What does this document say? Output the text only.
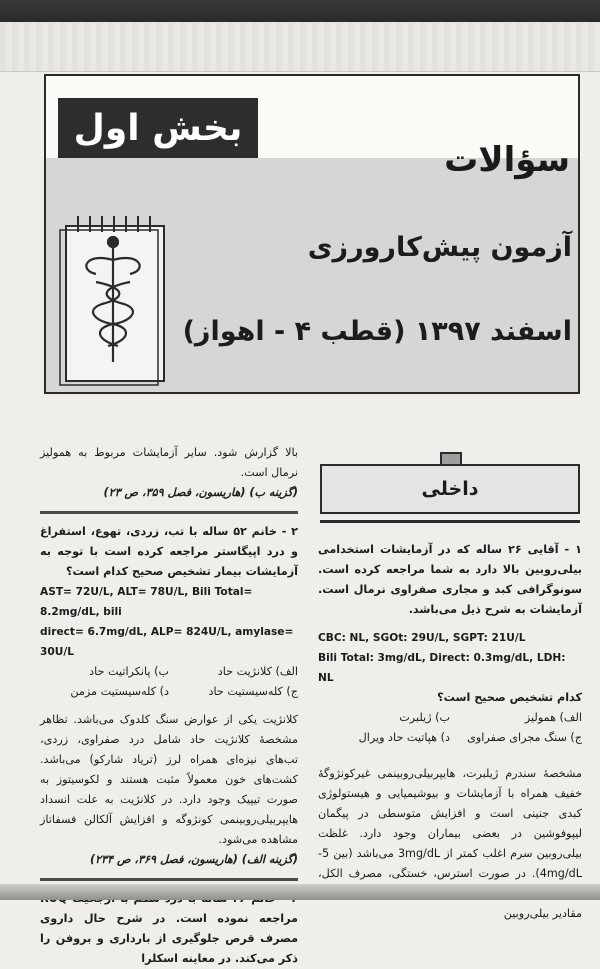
بخش اول
سؤالات
آزمون پیش‌کارورزی
اسفند ۱۳۹۷ (قطب ۴ - اهواز)
داخلی
بالا گزارش شود. سایر آزمایشات مربوط به همولیز نرمال است.
(گزینه ب) (هاریسون، فصل ۳۵۹، ص ۲۳)
۲ - خانم ۵۲ ساله با تب، زردی، تهوع، استفراغ و درد اپیگاستر مراجعه کرده است با توجه به آزمایشات بیمار تشخیص صحیح کدام است؟
AST= 72U/L, ALT= 78U/L, Bili Total= 8.2mg/dL, bili
direct= 6.7mg/dL, ALP= 824U/L, amylase= 30U/L
الف) کلانژیت حاد
ب) پانکراتیت حاد
ج) کله‌سیستیت حاد
د) کله‌سیستیت مزمن
کلانژیت یکی از عوارض سنگ کلدوک می‌باشد. تظاهر مشخصهٔ کلانژیت حاد شامل درد صفراوی، زردی، تب‌های نیزه‌ای همراه لرز (تریاد شارکو) می‌باشد. کشت‌های خون معمولاً مثبت هستند و لکوسیتوز به صورت تیپیک وجود دارد. در کلانژیت به علت انسداد هایپربیلی‌روبینمی کونژوگه و افزایش آلکالن فسفاتاز مشاهده می‌شود.
(گزینه الف) (هاریسون، فصل ۳۶۹، ص ۲۳۴)
مراجعه نموده است. در شرح حال داروی مصرف قرص جلوگیری از بارداری و بروفن را ذکر می‌کند. در معاینه اسکلرا
۱ - آقایی ۲۶ ساله که در آزمایشات استخدامی بیلی‌روبین بالا دارد به شما مراجعه کرده است. سونوگرافی کبد و مجاری صفراوی نرمال است. آزمایشات به شرح ذیل می‌باشد.
CBC: NL, SGOt: 29U/L, SGPT: 21U/L
Bili Total: 3mg/dL, Direct: 0.3mg/dL, LDH: NL
کدام تشخیص صحیح است؟
الف) همولیز
ب) ژیلبرت
ج) سنگ مجرای صفراوی
د) هپاتیت حاد ویرال
مشخصهٔ سندرم ژیلبرت، هایپربیلی‌روبینمی غیرکونژوگهٔ خفیف همراه با آزمایشات و بیوشیمیایی و هیستولوژی کبدی جنینی است و افزایش متوسطی در پیگمان لیپوفوشین در بعضی بیماران وجود دارد. غلظت بیلی‌روبین سرم اغلب کمتر از 3mg/dL می‌باشد (بین 5-4mg/dL). در صورت استرس، خستگی، مصرف الکل، مقادیر بیلی‌روبین
